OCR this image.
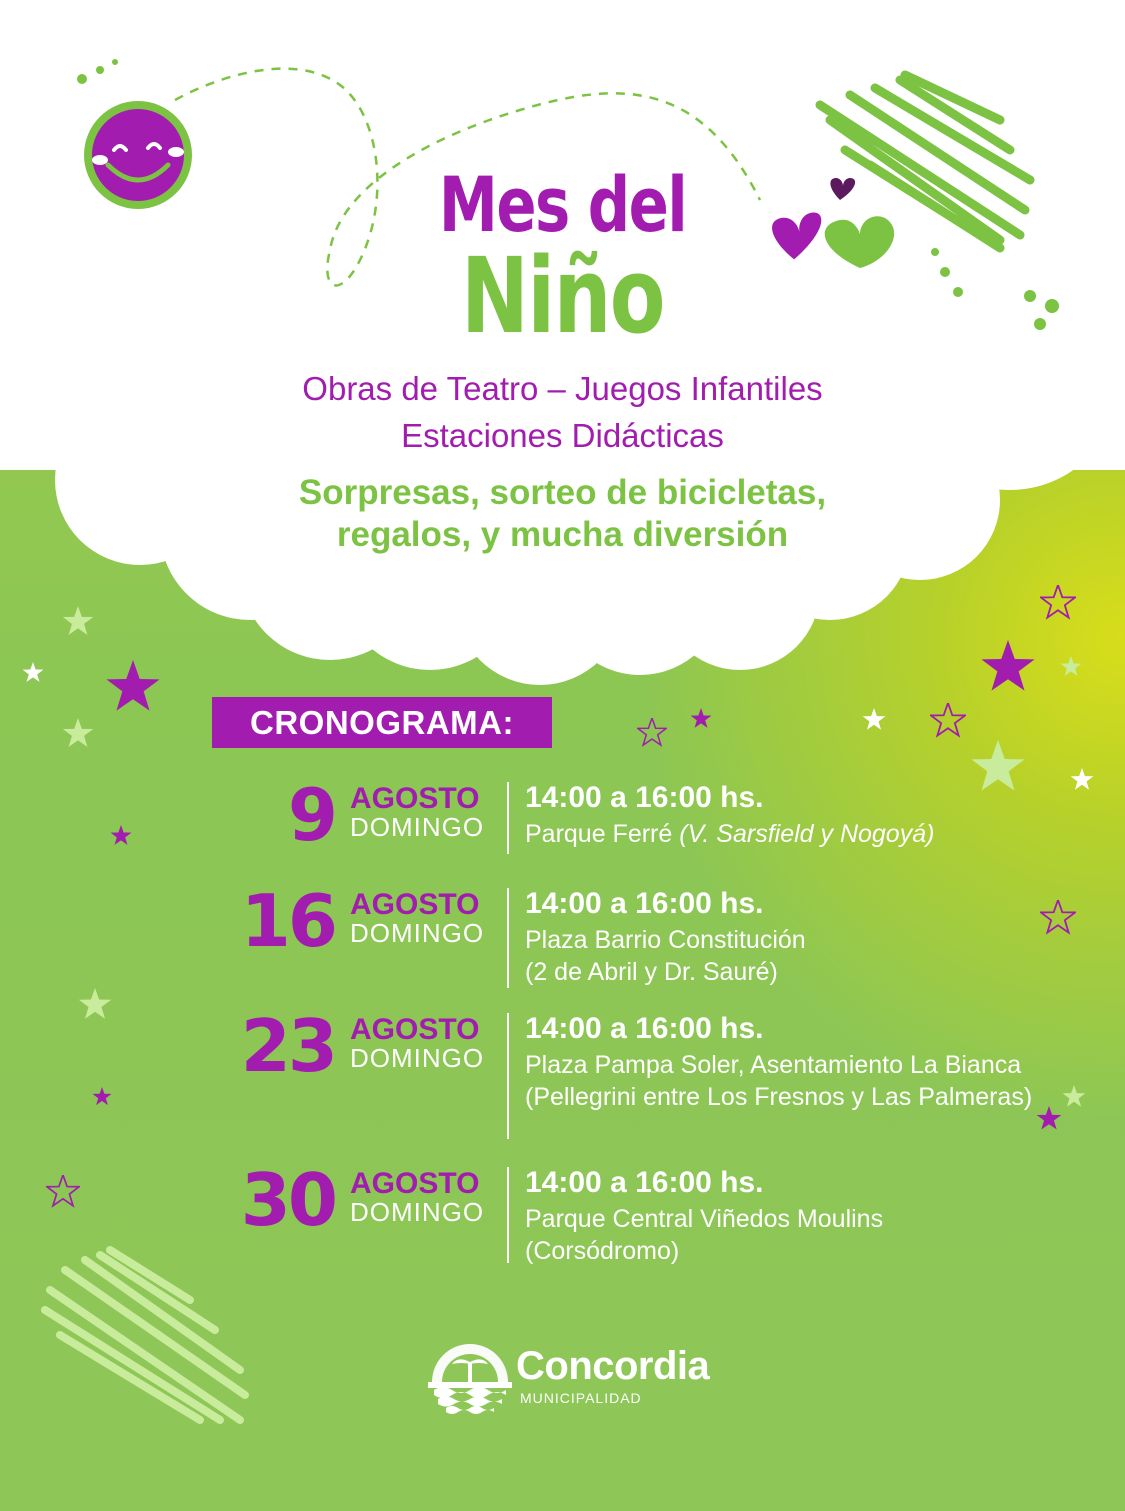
Mes del
Niño

Obras de Teatro – Juegos Infantiles

Estaciones Didácticas

Sorpresas, sorteo de bicicletas,

regalos, y mucha diversión

CRONOGRAMA:
9 AGOSTO
DOMINGO
14:00 a 16:00 hs.
Parque Ferré (V. Sarsfield y Nogoyá)
16 AGOSTO
DOMINGO
14:00 a 16:00 hs.
Plaza Barrio Constitución
(2 de Abril y Dr. Sauré)
23 AGOSTO
DOMINGO
14:00 a 16:00 hs.
Plaza Pampa Soler, Asentamiento La Bianca (Pellegrini entre Los Fresnos y Las Palmeras)
30 AGOSTO
DOMINGO
14:00 a 16:00 hs.
Parque Central Viñedos Moulins
(Corsódromo)
Concordia
MUNICIPALIDAD
